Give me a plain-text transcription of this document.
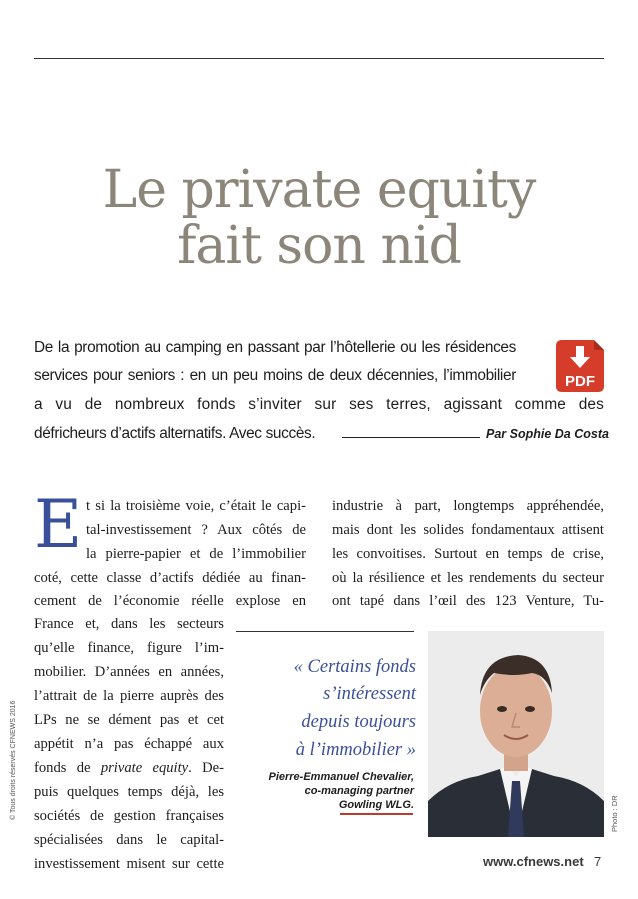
Le private equity
fait son nid
De la promotion au camping en passant par l’hôtellerie ou les résidences
services pour seniors : en un peu moins de deux décennies, l’immobilier
a vu de nombreux fonds s’inviter sur ses terres, agissant comme des
défricheurs d’actifs alternatifs. Avec succès.	Par Sophie Da Costa
PDF
E t si la troisième voie, c’était le capi-
tal-investissement ? Aux côtés de
la pierre-papier et de l’immobilier
coté, cette classe d’actifs dédiée au finan-
cement de l’économie réelle explose en
France et, dans les secteurs
qu’elle finance, figure l’im-
mobilier. D’années en années,
l’attrait de la pierre auprès des
LPs ne se dément pas et cet
appétit n’a pas échappé aux
fonds de private equity. De-
puis quelques temps déjà, les
sociétés de gestion françaises
spécialisées dans le capital-
investissement misent sur cette
industrie à part, longtemps appréhendée,
mais dont les solides fondamentaux attisent
les convoitises. Surtout en temps de crise,
où la résilience et les rendements du secteur
ont tapé dans l’œil des 123 Venture, Tu-
« Certains fonds
s’intéressent
depuis toujours
à l’immobilier »
Pierre-Emmanuel Chevalier,
co-managing partner
Gowling WLG.
© Tous droits réservés CFNEWS 2016	Photo : DR
www.cfnews.net 7
